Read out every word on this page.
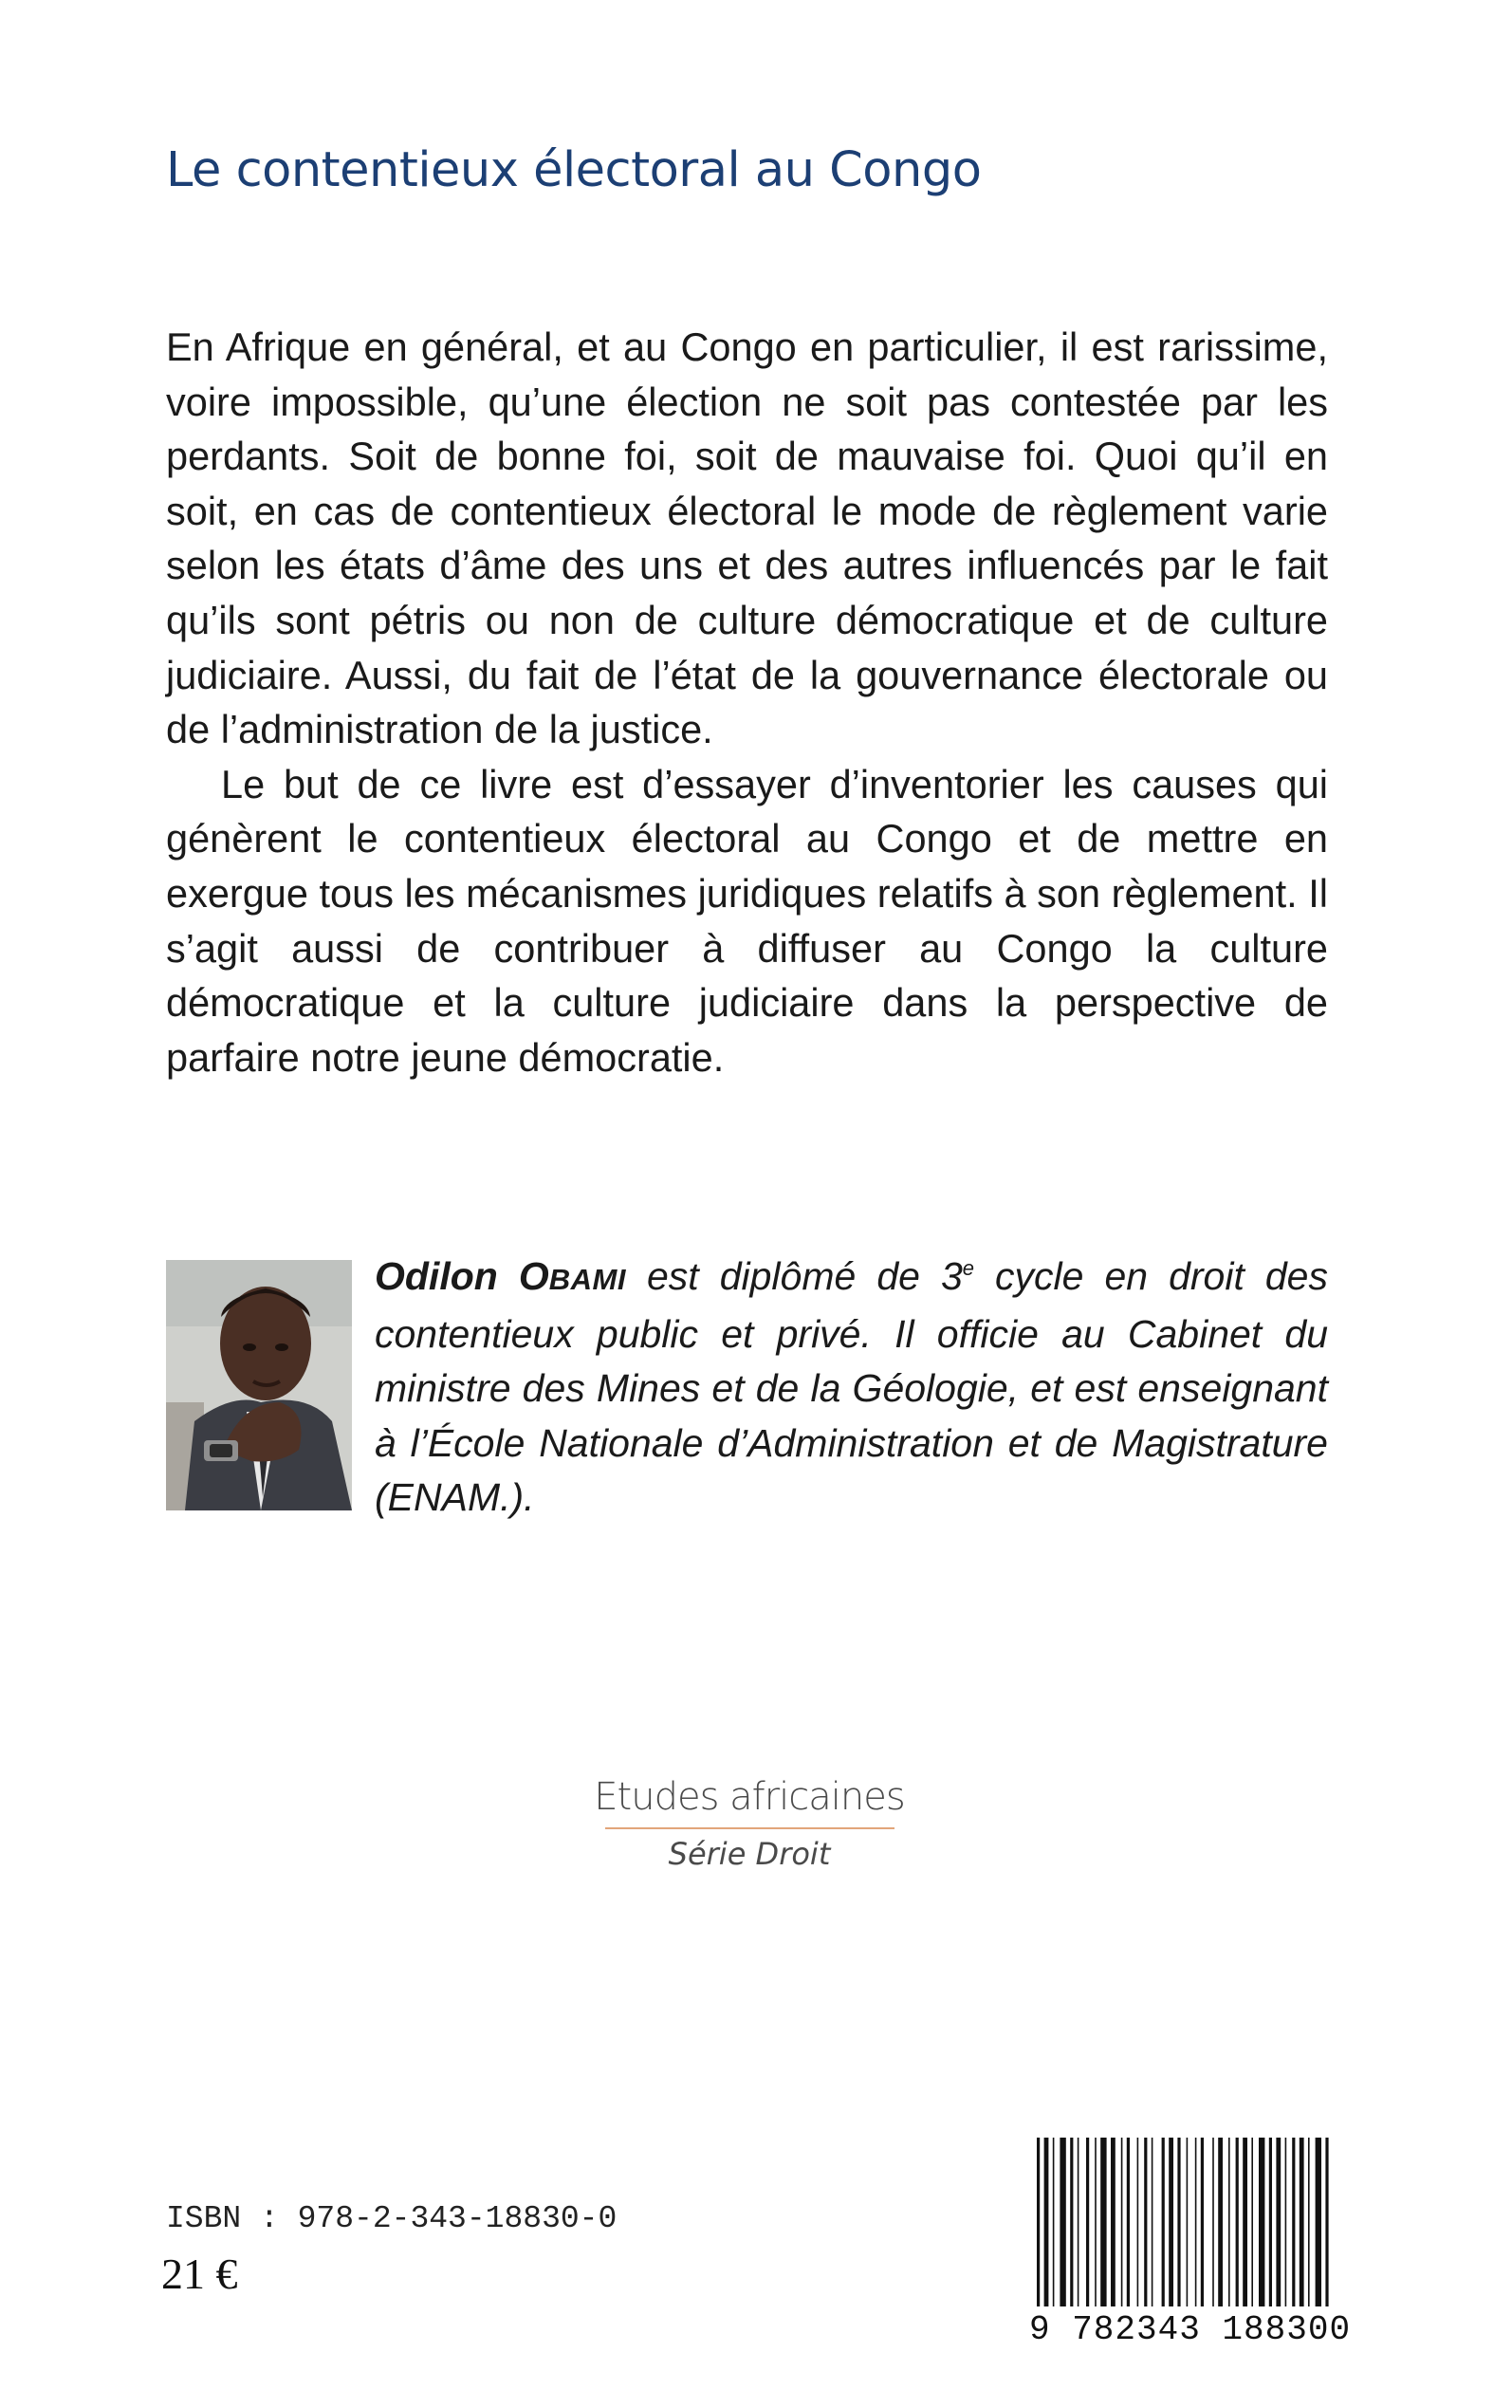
Le contentieux électoral au Congo

En Afrique en général, et au Congo en particulier, il est rarissime, voire impossible, qu’une élection ne soit pas contestée par les perdants. Soit de bonne foi, soit de mauvaise foi. Quoi qu’il en soit, en cas de contentieux électoral le mode de règlement varie selon les états d’âme des uns et des autres influencés par le fait qu’ils sont pétris ou non de culture démocratique et de culture judiciaire. Aussi, du fait de l’état de la gouvernance électorale ou de l’administration de la justice.

Le but de ce livre est d’essayer d’inventorier les causes qui génèrent le contentieux électoral au Congo et de mettre en exergue tous les mécanismes juridiques relatifs à son règlement. Il s’agit aussi de contribuer à diffuser au Congo la culture démocratique et la culture judiciaire dans la perspective de parfaire notre jeune démocratie.

Odilon OBAMI est diplômé de 3e cycle en droit des contentieux public et privé. Il officie au Cabinet du ministre des Mines et de la Géologie, et est enseignant à l’École Nationale d’Administration et de Magistrature (ENAM.).
Etudes africaines
Série Droit
ISBN : 978-2-343-18830-0
21 €
9 782343 188300
